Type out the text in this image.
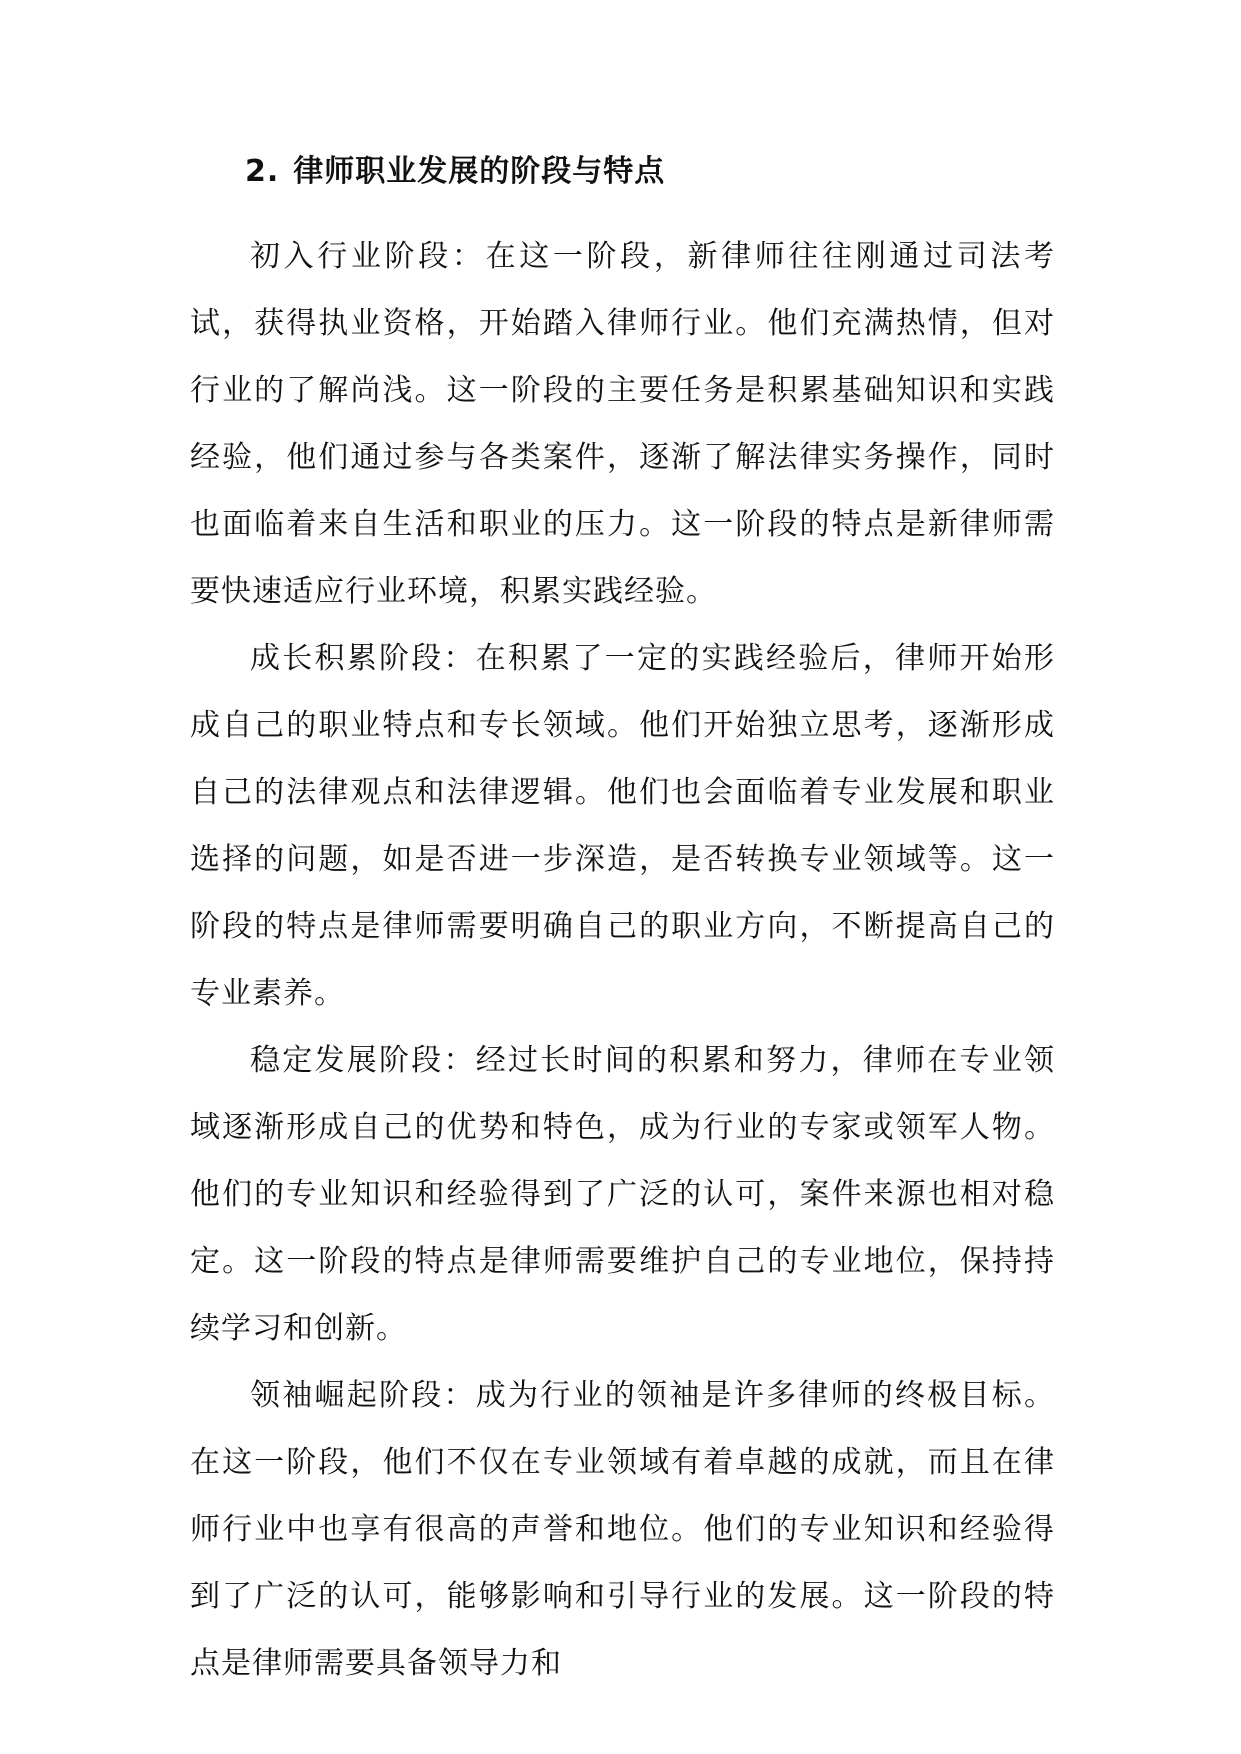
2. 律师职业发展的阶段与特点

初入行业阶段：在这一阶段，新律师往往刚通过司法考试，获得执业资格，开始踏入律师行业。他们充满热情，但对行业的了解尚浅。这一阶段的主要任务是积累基础知识和实践经验，他们通过参与各类案件，逐渐了解法律实务操作，同时也面临着来自生活和职业的压力。这一阶段的特点是新律师需要快速适应行业环境，积累实践经验。

成长积累阶段：在积累了一定的实践经验后，律师开始形成自己的职业特点和专长领域。他们开始独立思考，逐渐形成自己的法律观点和法律逻辑。他们也会面临着专业发展和职业选择的问题，如是否进一步深造，是否转换专业领域等。这一阶段的特点是律师需要明确自己的职业方向，不断提高自己的专业素养。

稳定发展阶段：经过长时间的积累和努力，律师在专业领域逐渐形成自己的优势和特色，成为行业的专家或领军人物。他们的专业知识和经验得到了广泛的认可，案件来源也相对稳定。这一阶段的特点是律师需要维护自己的专业地位，保持持续学习和创新。

领袖崛起阶段：成为行业的领袖是许多律师的终极目标。在这一阶段，他们不仅在专业领域有着卓越的成就，而且在律师行业中也享有很高的声誉和地位。他们的专业知识和经验得到了广泛的认可，能够影响和引导行业的发展。这一阶段的特点是律师需要具备领导力和
